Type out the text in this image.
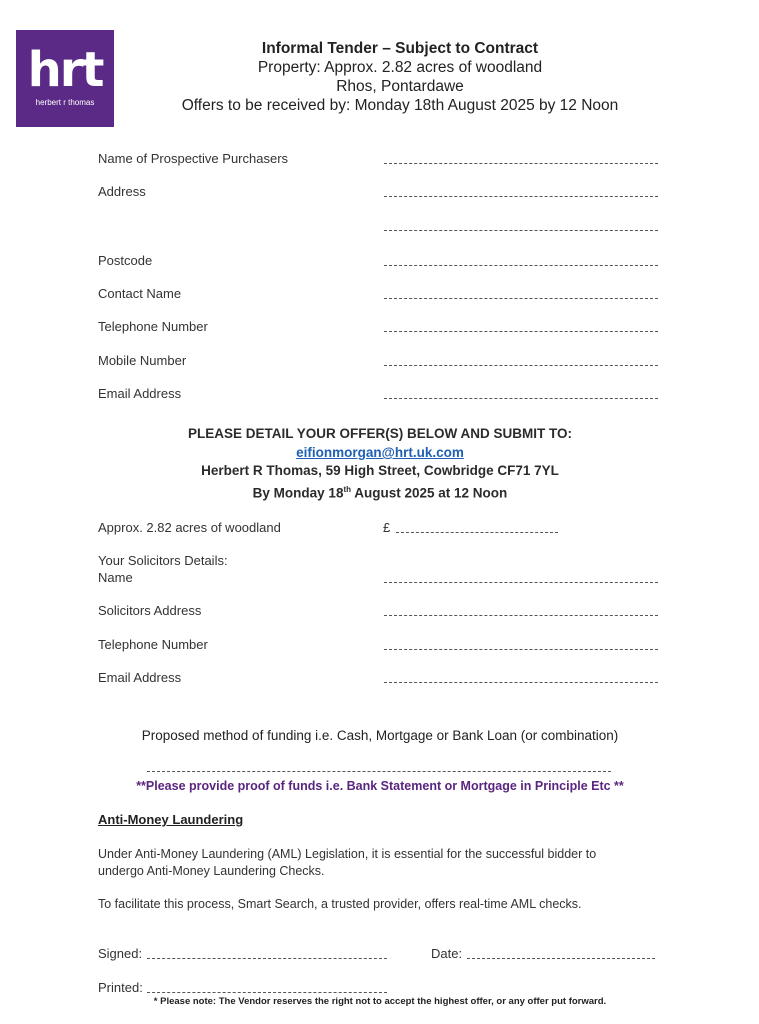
hrt
herbert r thomas
Informal Tender – Subject to Contract
Property: Approx. 2.82 acres of woodland
Rhos, Pontardawe
Offers to be received by: Monday 18th August 2025 by 12 Noon
Name of Prospective Purchasers
Address
Postcode
Contact Name
Telephone Number
Mobile Number
Email Address
PLEASE DETAIL YOUR OFFER(S) BELOW AND SUBMIT TO:
eifionmorgan@hrt.uk.com
Herbert R Thomas, 59 High Street, Cowbridge CF71 7YL
By Monday 18th August 2025 at 12 Noon
Approx. 2.82 acres of woodland	£
Your Solicitors Details:
Name
Solicitors Address
Telephone Number
Email Address
Proposed method of funding i.e. Cash, Mortgage or Bank Loan (or combination)
**Please provide proof of funds i.e. Bank Statement or Mortgage in Principle Etc **
Anti-Money Laundering
Under Anti-Money Laundering (AML) Legislation, it is essential for the successful bidder to
undergo Anti-Money Laundering Checks.
To facilitate this process, Smart Search, a trusted provider, offers real-time AML checks.
Signed:	Date:
Printed:
* Please note: The Vendor reserves the right not to accept the highest offer, or any offer put forward.
